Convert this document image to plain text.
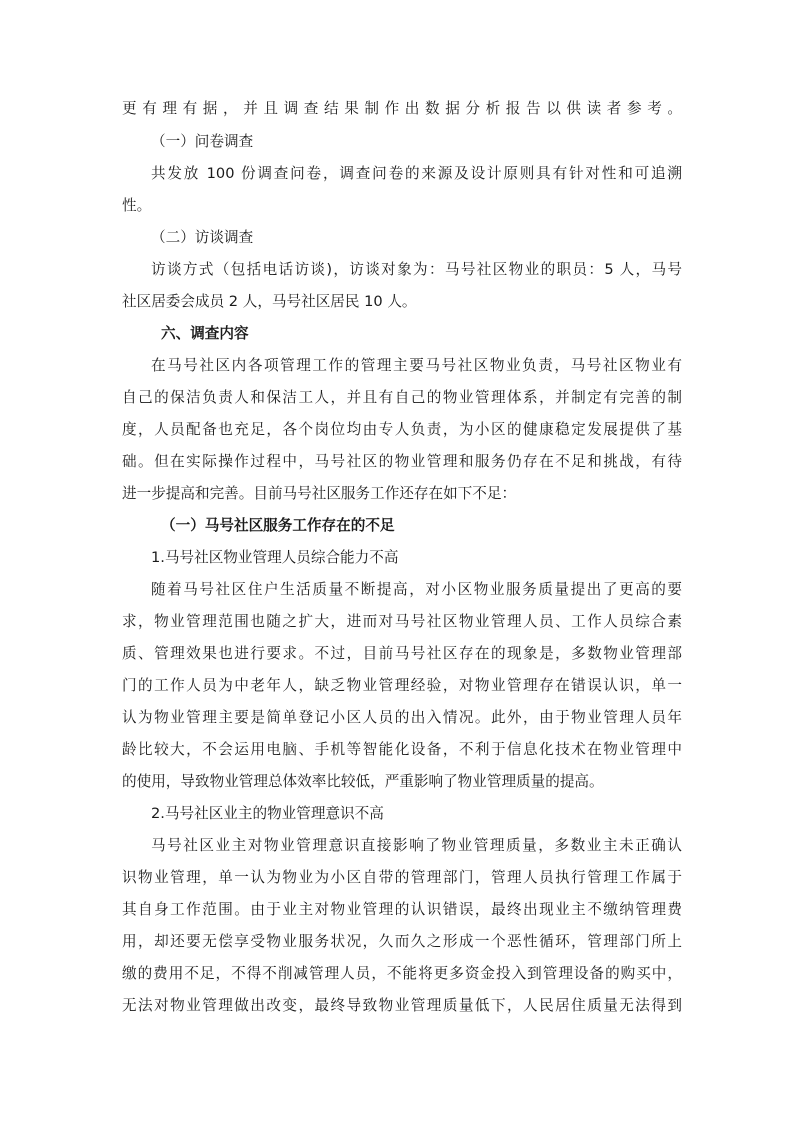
更有理有据，并且调查结果制作出数据分析报告以供读者参考。
（一）问卷调查
共发放 100 份调查问卷，调查问卷的来源及设计原则具有针对性和可追溯
性。
（二）访谈调查
访谈方式（包括电话访谈)，访谈对象为：马号社区物业的职员：5 人，马号
社区居委会成员 2 人，马号社区居民 10 人。
六、调查内容
在马号社区内各项管理工作的管理主要马号社区物业负责，马号社区物业有
自己的保洁负责人和保洁工人，并且有自己的物业管理体系，并制定有完善的制
度，人员配备也充足，各个岗位均由专人负责，为小区的健康稳定发展提供了基
础。但在实际操作过程中，马号社区的物业管理和服务仍存在不足和挑战，有待
进一步提高和完善。目前马号社区服务工作还存在如下不足：
（一）马号社区服务工作存在的不足
1.马号社区物业管理人员综合能力不高
随着马号社区住户生活质量不断提高，对小区物业服务质量提出了更高的要
求，物业管理范围也随之扩大，进而对马号社区物业管理人员、工作人员综合素
质、管理效果也进行要求。不过，目前马号社区存在的现象是，多数物业管理部
门的工作人员为中老年人，缺乏物业管理经验，对物业管理存在错误认识，单一
认为物业管理主要是简单登记小区人员的出入情况。此外，由于物业管理人员年
龄比较大，不会运用电脑、手机等智能化设备，不利于信息化技术在物业管理中
的使用，导致物业管理总体效率比较低，严重影响了物业管理质量的提高。
2.马号社区业主的物业管理意识不高
马号社区业主对物业管理意识直接影响了物业管理质量，多数业主未正确认
识物业管理，单一认为物业为小区自带的管理部门，管理人员执行管理工作属于
其自身工作范围。由于业主对物业管理的认识错误，最终出现业主不缴纳管理费
用，却还要无偿享受物业服务状况，久而久之形成一个恶性循环，管理部门所上
缴的费用不足，不得不削减管理人员，不能将更多资金投入到管理设备的购买中，
无法对物业管理做出改变，最终导致物业管理质量低下，人民居住质量无法得到
